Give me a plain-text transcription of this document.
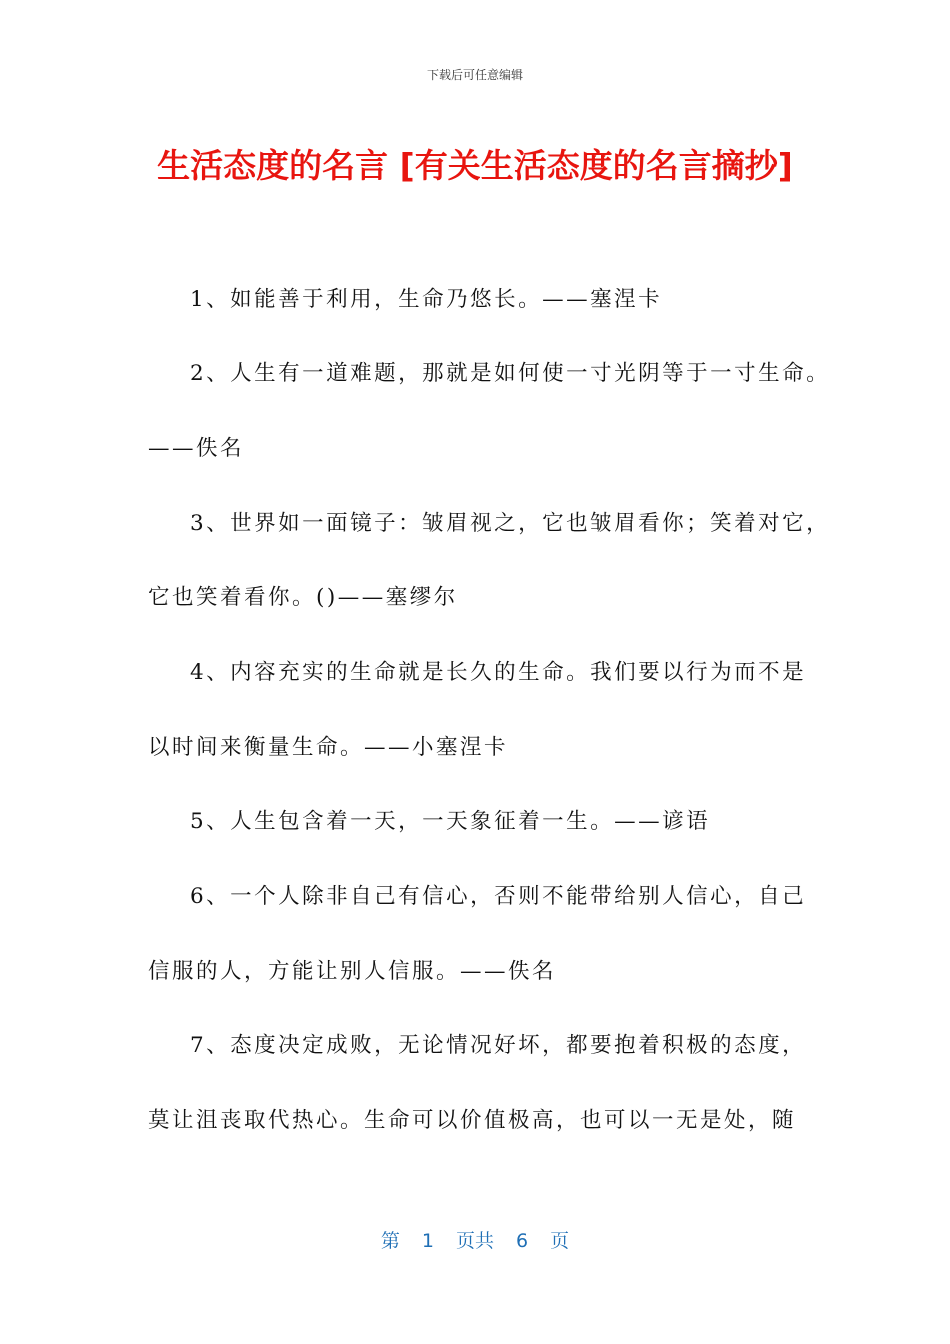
下载后可任意编辑
生活态度的名言 [有关生活态度的名言摘抄]
1、如能善于利用，生命乃悠长。——塞涅卡
2、人生有一道难题，那就是如何使一寸光阴等于一寸生命。
——佚名
3、世界如一面镜子：皱眉视之，它也皱眉看你；笑着对它，
它也笑着看你。()——塞缪尔
4、内容充实的生命就是长久的生命。我们要以行为而不是
以时间来衡量生命。——小塞涅卡
5、人生包含着一天，一天象征着一生。——谚语
6、一个人除非自己有信心，否则不能带给别人信心，自己
信服的人，方能让别人信服。——佚名
7、态度决定成败，无论情况好坏，都要抱着积极的态度，
莫让沮丧取代热心。生命可以价值极高，也可以一无是处，随
第 1 页共 6 页
